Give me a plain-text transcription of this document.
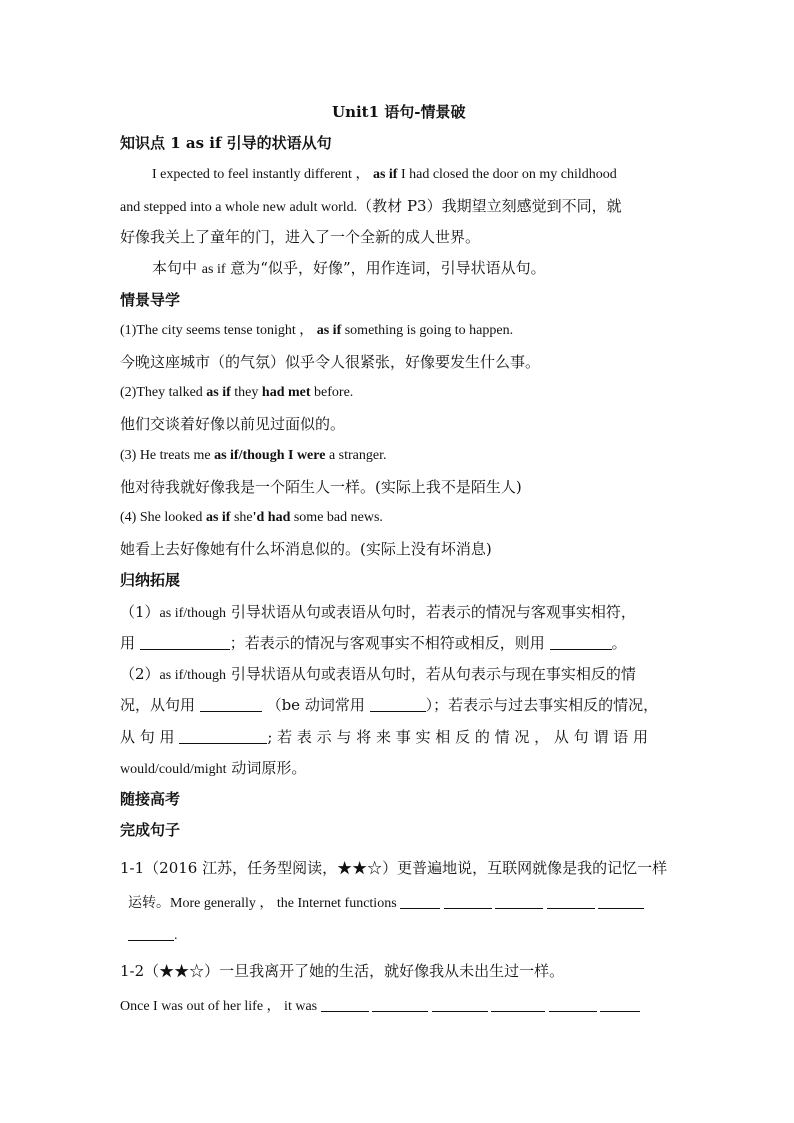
Unit1 语句-情景破
知识点 1 as if 引导的状语从句
I expected to feel instantly different ， as if I had closed the door on my childhood
and stepped into a whole new adult world.（教材 P3）我期望立刻感觉到不同，就
好像我关上了童年的门，进入了一个全新的成人世界。
本句中 as if 意为“似乎，好像”，用作连词，引导状语从句。
情景导学
(1)The city seems tense tonight ， as if something is going to happen.
今晚这座城市（的气氛）似乎令人很紧张，好像要发生什么事。
(2)They talked as if they had met before.
他们交谈着好像以前见过面似的。
(3) He treats me as if/though I were a stranger.
他对待我就好像我是一个陌生人一样。(实际上我不是陌生人)
(4) She looked as if she'd had some bad news.
她看上去好像她有什么坏消息似的。(实际上没有坏消息)
归纳拓展
（1）as if/though 引导状语从句或表语从句时，若表示的情况与客观事实相符，
用	；若表示的情况与客观事实不相符或相反，则用	。
（2）as if/though 引导状语从句或表语从句时，若从句表示与现在事实相反的情
况，从句用	（be 动词常用	）；若表示与过去事实相反的情况，
从 句 用	; 若 表 示 与 将 来 事 实 相 反 的 情 况 ， 从 句 谓 语 用
would/could/might 动词原形。
随接高考
完成句子
1-1（2016 江苏，任务型阅读，★★☆）更普遍地说，互联网就像是我的记忆一样
运转。More generally ， the Internet functions
.
1-2（★★☆）一旦我离开了她的生活，就好像我从未出生过一样。
Once I was out of her life ， it was
